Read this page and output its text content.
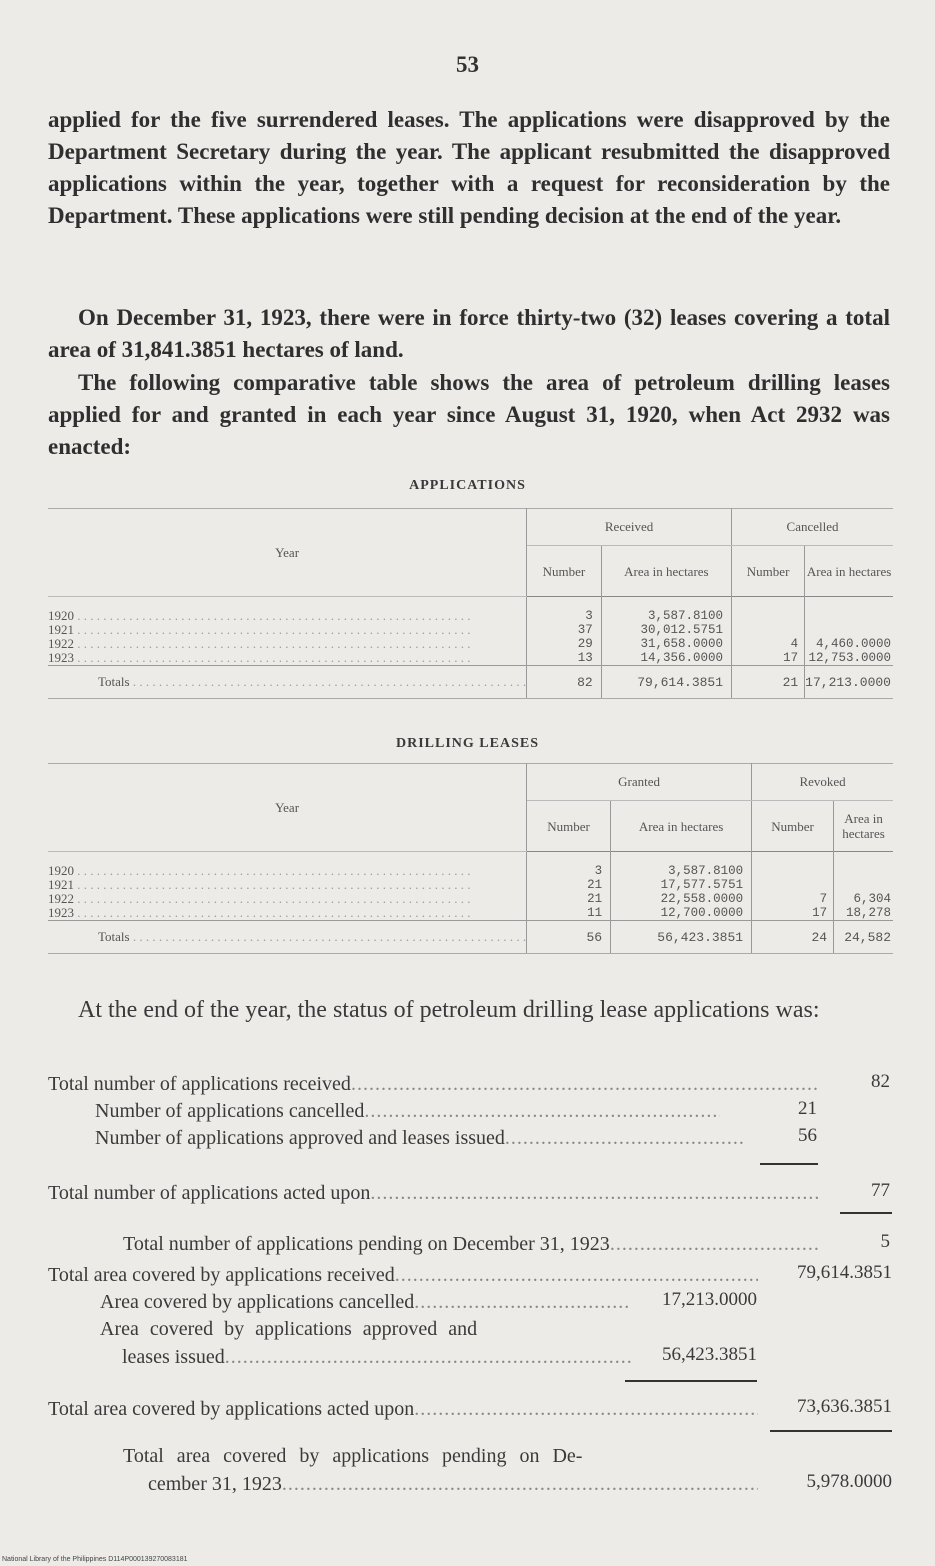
53

applied for the five surrendered leases. The applications were disapproved by the Department Secretary during the year. The applicant resubmitted the disapproved applications within the year, together with a request for reconsideration by the Department. These applications were still pending decision at the end of the year.

On December 31, 1923, there were in force thirty-two (32) leases covering a total area of 31,841.3851 hectares of land.

The following comparative table shows the area of petroleum drilling leases applied for and granted in each year since August 31, 1920, when Act 2932 was enacted:

APPLICATIONS
Year	Received		Cancelled	
	Number	Area in hectares	Number	Area in hectares

1920 . . .	3	3,587.8100		
1921 . . .	37	30,012.5751		
1922 . . .	29	31,658.0000	4	4,460.0000
1923 . . .	13	14,356.0000	17	12,753.0000
Totals . . .	82	79,614.3851	21	17,213.0000
DRILLING LEASES
Year	Granted		Revoked	
	Number	Area in hectares	Number	Area in hectares

1920 . . .	3	3,587.8100		
1921 . . .	21	17,577.5751		
1922 . . .	21	22,558.0000	7	6,304
1923 . . .	11	12,700.0000	17	18,278
Totals . . .	56	56,423.3851	24	24,582

At the end of the year, the status of petroleum drilling lease applications was:

Total number of applications received .....	82
Number of applications cancelled .....	21
Number of applications approved and leases issued .....	56
Total number of applications acted upon .....	77
Total number of applications pending on December 31, 1923 .....	5
Total area covered by applications received .....	79,614.3851
Area covered by applications cancelled .....	17,213.0000
Area covered by applications approved and
leases issued .....	56,423.3851
Total area covered by applications acted upon .....	73,636.3851
Total area covered by applications pending on De-
cember 31, 1923 .....	5,978.0000
National Library of the Philippines D114P000139270083181
